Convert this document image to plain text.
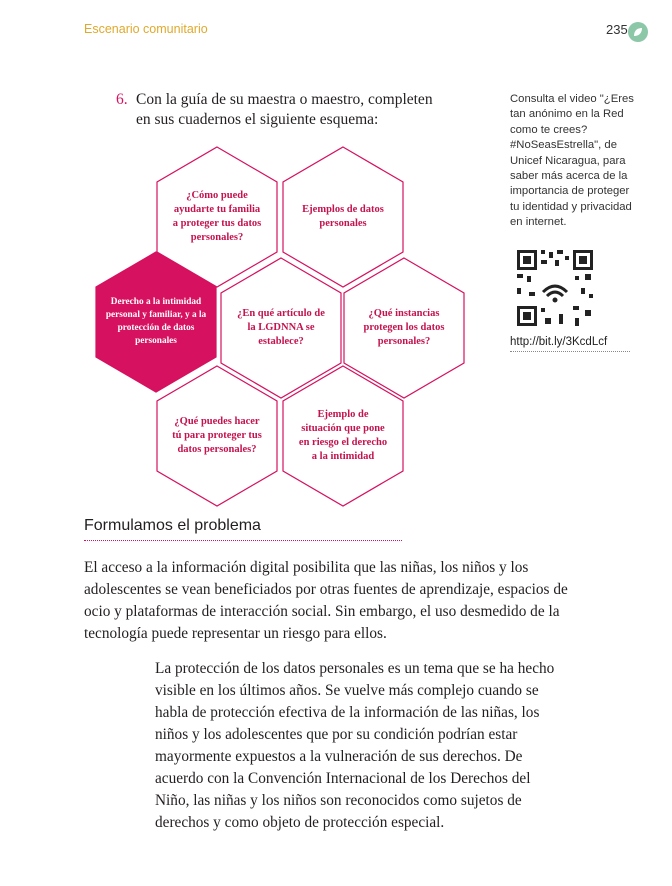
Escenario comunitario	235
6. Con la guía de su maestra o maestro, completen en sus cuadernos el siguiente esquema:
Consulta el video "¿Eres tan anónimo en la Red como te crees? #NoSeasEstrella", de Unicef Nicaragua, para saber más acerca de la importancia de proteger tu identidad y privacidad en internet.
http://bit.ly/3KcdLcf
¿Cómo puede ayudarte tu familia a proteger tus datos personales?
Ejemplos de datos personales
Derecho a la intimidad personal y familiar, y a la protección de datos personales
¿En qué artículo de la LGDNNA se establece?
¿Qué instancias protegen los datos personales?
¿Qué puedes hacer tú para proteger tus datos personales?
Ejemplo de situación que pone en riesgo el derecho a la intimidad
Formulamos el problema
El acceso a la información digital posibilita que las niñas, los niños y los adolescentes se vean beneficiados por otras fuentes de aprendizaje, espacios de ocio y plataformas de interacción social. Sin embargo, el uso desmedido de la tecnología puede representar un riesgo para ellos.
La protección de los datos personales es un tema que se ha hecho visible en los últimos años. Se vuelve más complejo cuando se habla de protección efectiva de la información de las niñas, los niños y los adolescentes que por su condición podrían estar mayormente expuestos a la vulneración de sus derechos. De acuerdo con la Convención Internacional de los Derechos del Niño, las niñas y los niños son reconocidos como sujetos de derechos y como objeto de protección especial.
